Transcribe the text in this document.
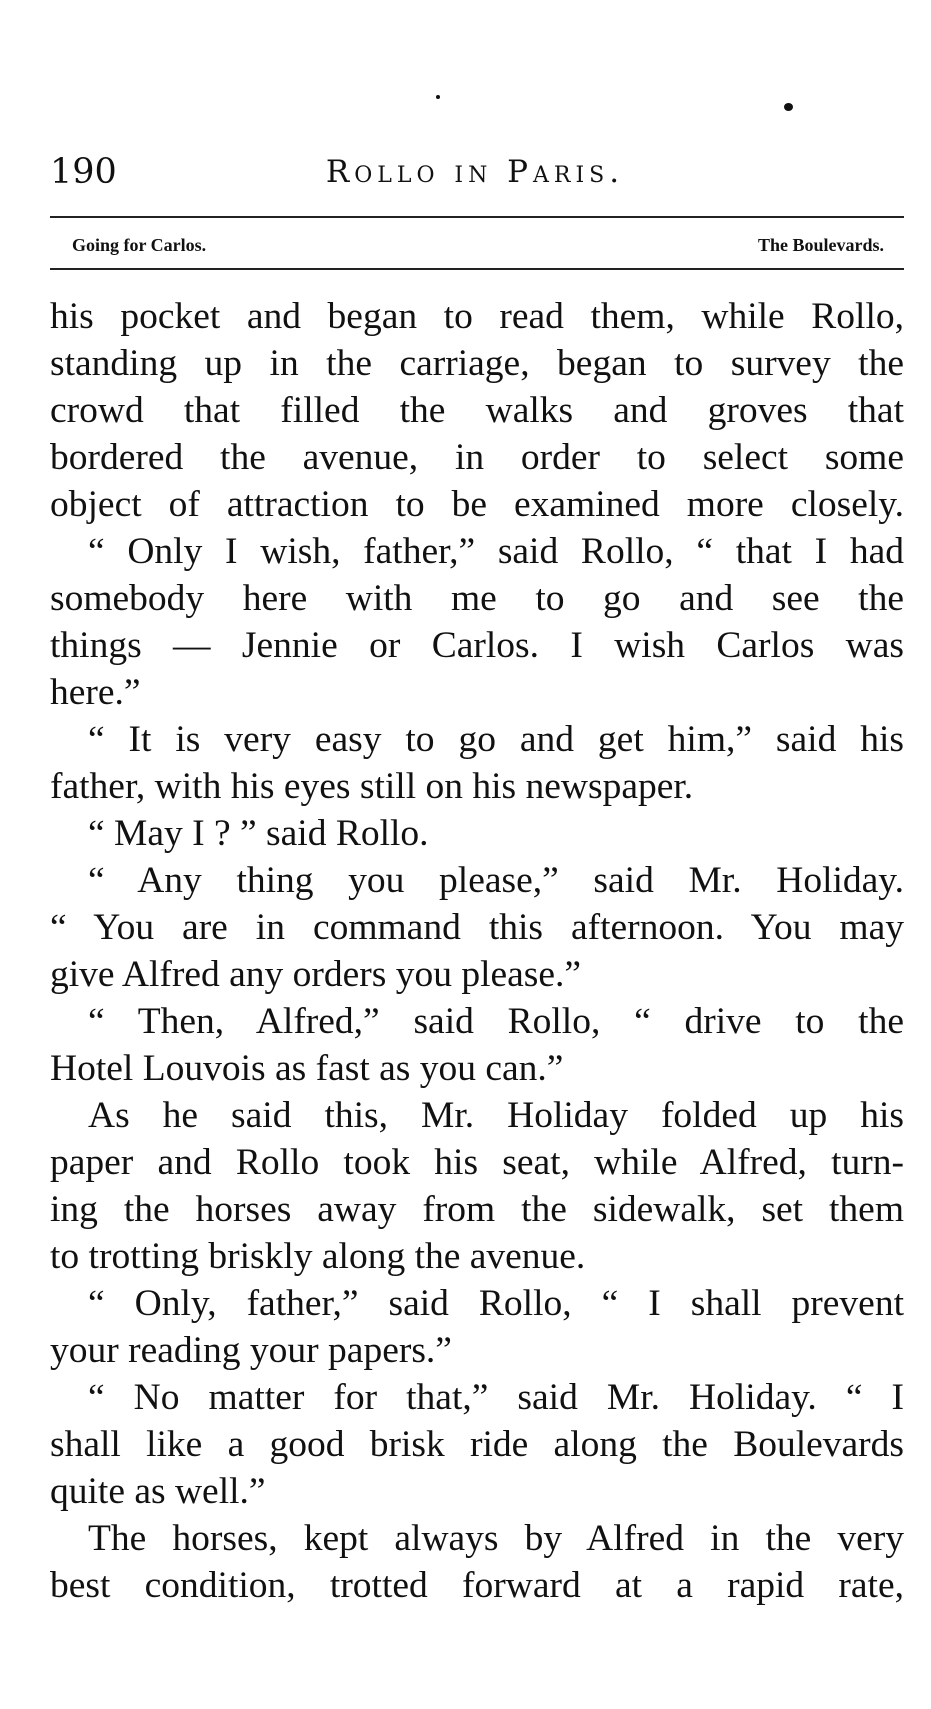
190	Rollo in Paris.
Going for Carlos.	The Boulevards.
his pocket and began to read them, while Rollo,
standing up in the carriage, began to survey the
crowd that filled the walks and groves that
bordered the avenue, in order to select some
object of attraction to be examined more closely.
“ Only I wish, father,” said Rollo, “ that I had
somebody here with me to go and see the
things — Jennie or Carlos. I wish Carlos was
here.”
“ It is very easy to go and get him,” said his
father, with his eyes still on his newspaper.
“ May I ? ” said Rollo.
“ Any thing you please,” said Mr. Holiday.
“ You are in command this afternoon. You may
give Alfred any orders you please.”
“ Then, Alfred,” said Rollo, “ drive to the
Hotel Louvois as fast as you can.”
As he said this, Mr. Holiday folded up his
paper and Rollo took his seat, while Alfred, turn-
ing the horses away from the sidewalk, set them
to trotting briskly along the avenue.
“ Only, father,” said Rollo, “ I shall prevent
your reading your papers.”
“ No matter for that,” said Mr. Holiday. “ I
shall like a good brisk ride along the Boulevards
quite as well.”
The horses, kept always by Alfred in the very
best condition, trotted forward at a rapid rate,
